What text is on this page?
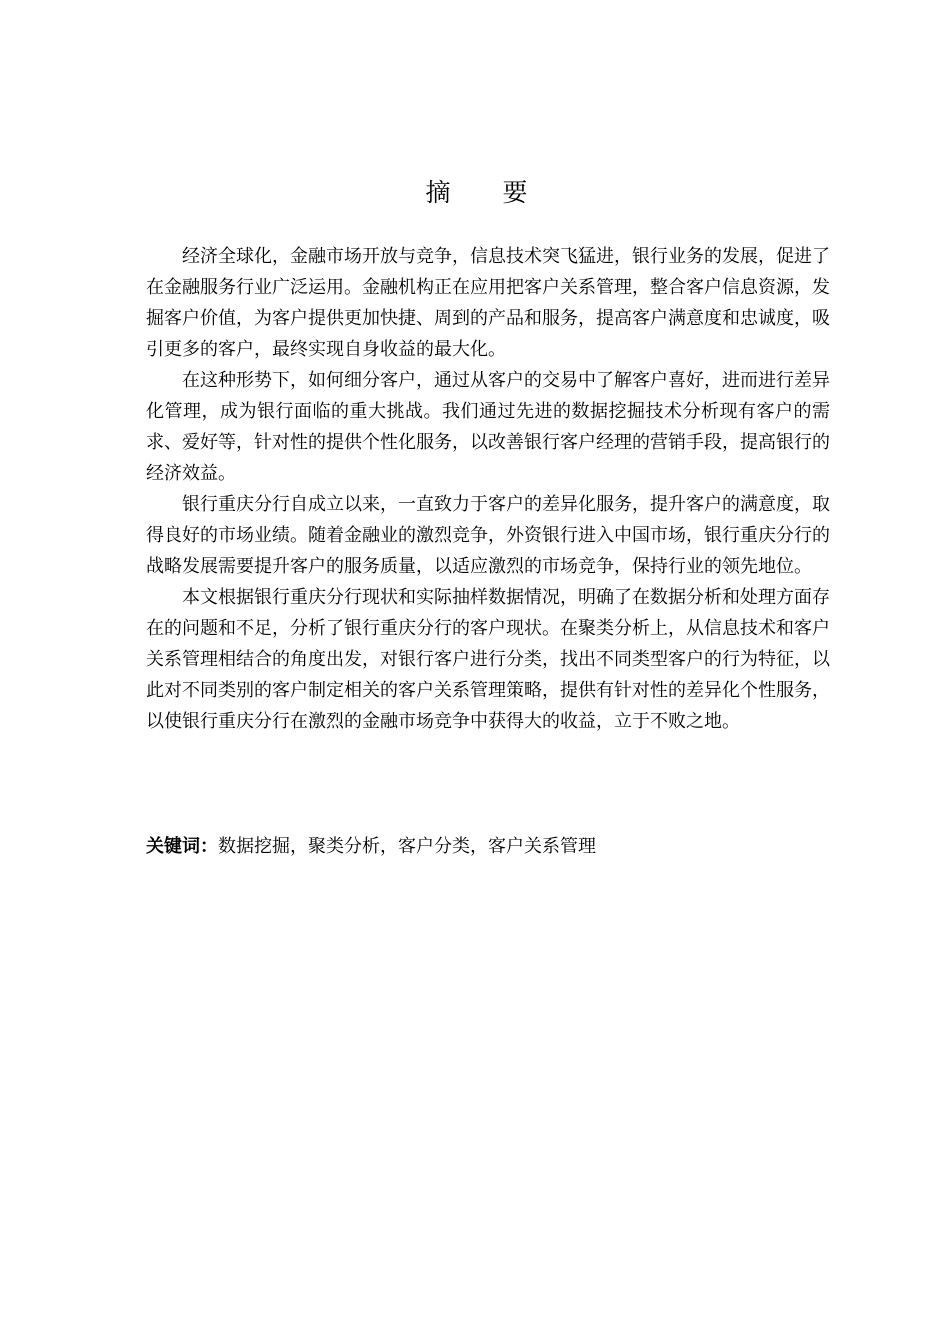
摘 要

经济全球化，金融市场开放与竞争，信息技术突飞猛进，银行业务的发展，促进了在金融服务行业广泛运用。金融机构正在应用把客户关系管理，整合客户信息资源，发掘客户价值，为客户提供更加快捷、周到的产品和服务，提高客户满意度和忠诚度，吸引更多的客户，最终实现自身收益的最大化。

在这种形势下，如何细分客户，通过从客户的交易中了解客户喜好，进而进行差异化管理，成为银行面临的重大挑战。我们通过先进的数据挖掘技术分析现有客户的需求、爱好等，针对性的提供个性化服务，以改善银行客户经理的营销手段，提高银行的经济效益。

银行重庆分行自成立以来，一直致力于客户的差异化服务，提升客户的满意度，取得良好的市场业绩。随着金融业的激烈竞争，外资银行进入中国市场，银行重庆分行的战略发展需要提升客户的服务质量，以适应激烈的市场竞争，保持行业的领先地位。

本文根据银行重庆分行现状和实际抽样数据情况，明确了在数据分析和处理方面存在的问题和不足，分析了银行重庆分行的客户现状。在聚类分析上，从信息技术和客户关系管理相结合的角度出发，对银行客户进行分类，找出不同类型客户的行为特征，以此对不同类别的客户制定相关的客户关系管理策略，提供有针对性的差异化个性服务，以使银行重庆分行在激烈的金融市场竞争中获得大的收益，立于不败之地。

关键词：数据挖掘，聚类分析，客户分类，客户关系管理
